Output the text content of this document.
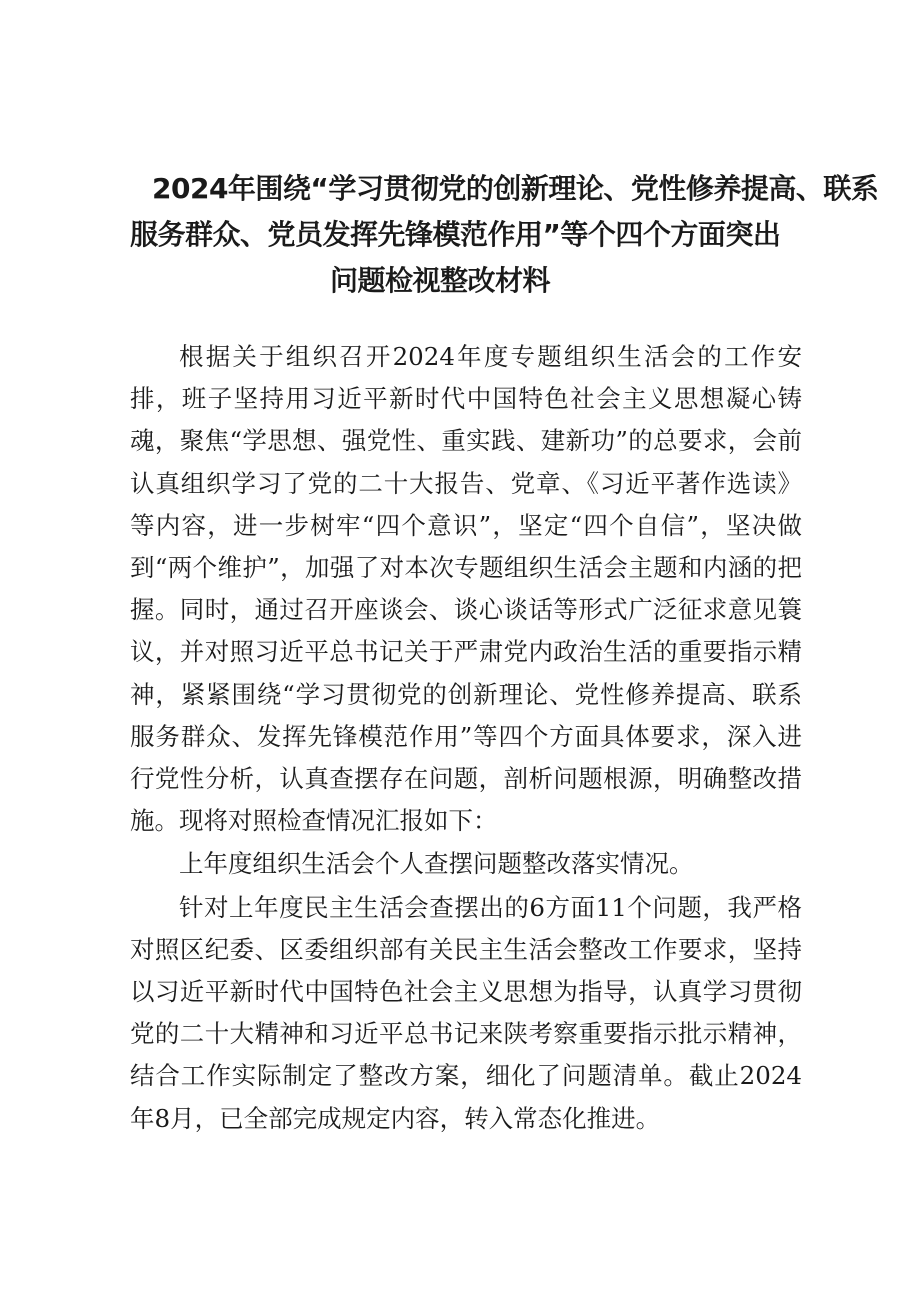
2024年围绕“学习贯彻党的创新理论、党性修养提高、联系
服务群众、党员发挥先锋模范作用”等个四个方面突出
问题检视整改材料

根据关于组织召开2024年度专题组织生活会的工作安排，班子坚持用习近平新时代中国特色社会主义思想凝心铸魂，聚焦“学思想、强党性、重实践、建新功”的总要求，会前认真组织学习了党的二十大报告、党章、《习近平著作选读》等内容，进一步树牢“四个意识”，坚定“四个自信”，坚决做到“两个维护”，加强了对本次专题组织生活会主题和内涵的把握。同时，通过召开座谈会、谈心谈话等形式广泛征求意见簑议，并对照习近平总书记关于严肃党内政治生活的重要指示精神，紧紧围绕“学习贯彻党的创新理论、党性修养提高、联系服务群众、发挥先锋模范作用”等四个方面具体要求，深入进行党性分析，认真查摆存在问题，剖析问题根源，明确整改措施。现将对照检查情况汇报如下：

上年度组织生活会个人查摆问题整改落实情况。

针对上年度民主生活会查摆出的6方面11个问题，我严格对照区纪委、区委组织部有关民主生活会整改工作要求，坚持以习近平新时代中国特色社会主义思想为指导，认真学习贯彻党的二十大精神和习近平总书记来陕考察重要指示批示精神，结合工作实际制定了整改方案，细化了问题清单。截止2024年8月，已全部完成规定内容，转入常态化推进。
